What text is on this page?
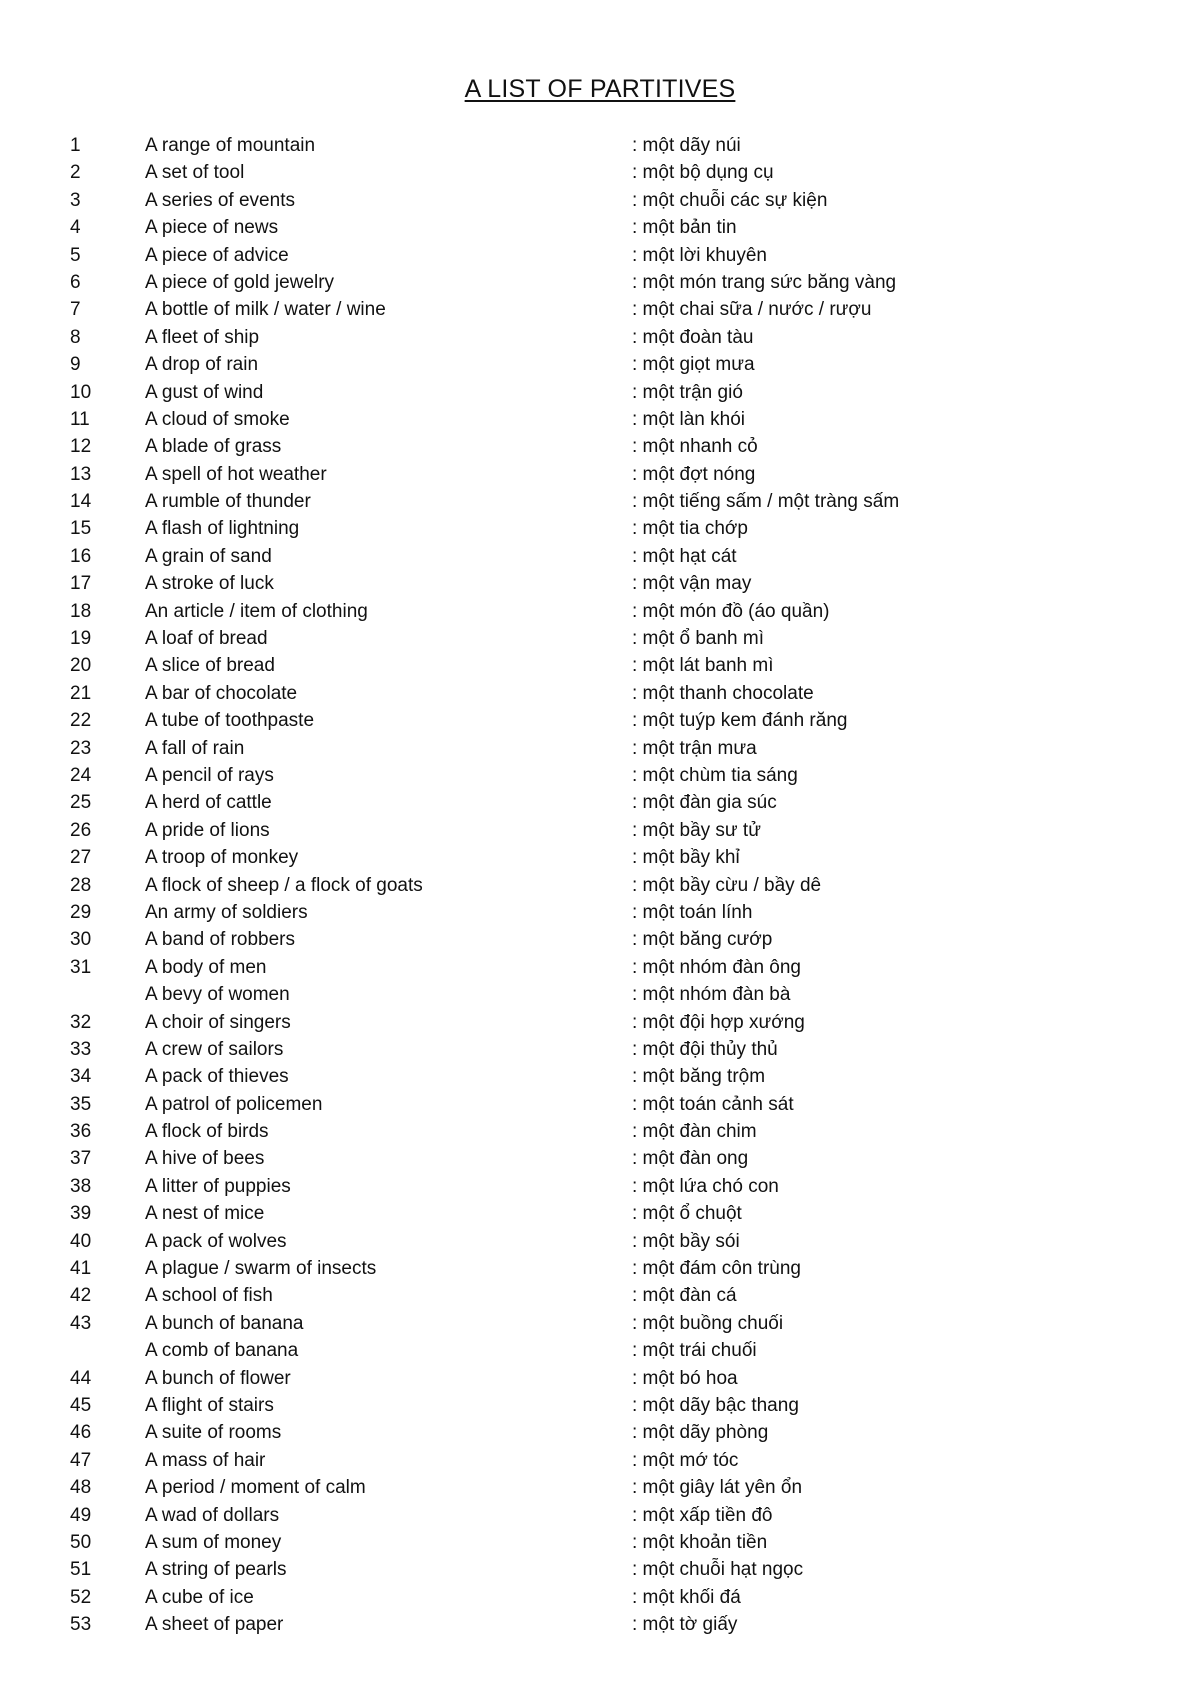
A LIST OF PARTITIVES
1	A range of mountain	: một dãy núi
2	A set of tool	: một bộ dụng cụ
3	A series of events	: một chuỗi các sự kiện
4	A piece of news	: một bản tin
5	A piece of advice	: một lời khuyên
6	A piece of gold jewelry	: một món trang sức băng vàng
7	A bottle of milk / water / wine	: một chai sữa / nước / rượu
8	A fleet of ship	: một đoàn tàu
9	A drop of rain	: một giọt mưa
10	A gust of wind	: một trận gió
11	A cloud of smoke	: một làn khói
12	A blade of grass	: một nhanh cỏ
13	A spell of hot weather	: một đợt nóng
14	A rumble of thunder	: một tiếng sấm / một tràng sấm
15	A flash of lightning	: một tia chớp
16	A grain of sand	: một hạt cát
17	A stroke of luck	: một vận may
18	An article / item of clothing	: một món đồ (áo quần)
19	A loaf of bread	: một ổ banh mì
20	A slice of bread	: một lát banh mì
21	A bar of chocolate	: một thanh chocolate
22	A tube of toothpaste	: một tuýp kem đánh răng
23	A fall of rain	: một trận mưa
24	A pencil of rays	: một chùm tia sáng
25	A herd of cattle	: một đàn gia súc
26	A pride of lions	: một bầy sư tử
27	A troop of monkey	: một bầy khỉ
28	A flock of sheep / a flock of goats	: một bầy cừu / bầy dê
29	An army of soldiers	: một toán lính
30	A band of robbers	: một băng cướp
31	A body of men	: một nhóm đàn ông
A bevy of women	: một nhóm đàn bà
32	A choir of singers	: một đội hợp xướng
33	A crew of sailors	: một đội thủy thủ
34	A pack of thieves	: một băng trộm
35	A patrol of policemen	: một toán cảnh sát
36	A flock of birds	: một đàn chim
37	A hive of bees	: một đàn ong
38	A litter of puppies	: một lứa chó con
39	A nest of mice	: một ổ chuột
40	A pack of wolves	: một bầy sói
41	A plague / swarm of insects	: một đám côn trùng
42	A school of fish	: một đàn cá
43	A bunch of banana	: một buồng chuối
A comb of banana	: một trái chuối
44	A bunch of flower	: một bó hoa
45	A flight of stairs	: một dãy bậc thang
46	A suite of rooms	: một dãy phòng
47	A mass of hair	: một mớ tóc
48	A period / moment of calm	: một giây lát yên ổn
49	A wad of dollars	: một xấp tiền đô
50	A sum of money	: một khoản tiền
51	A string of pearls	: một chuỗi hạt ngọc
52	A cube of ice	: một khối đá
53	A sheet of paper	: một tờ giấy
